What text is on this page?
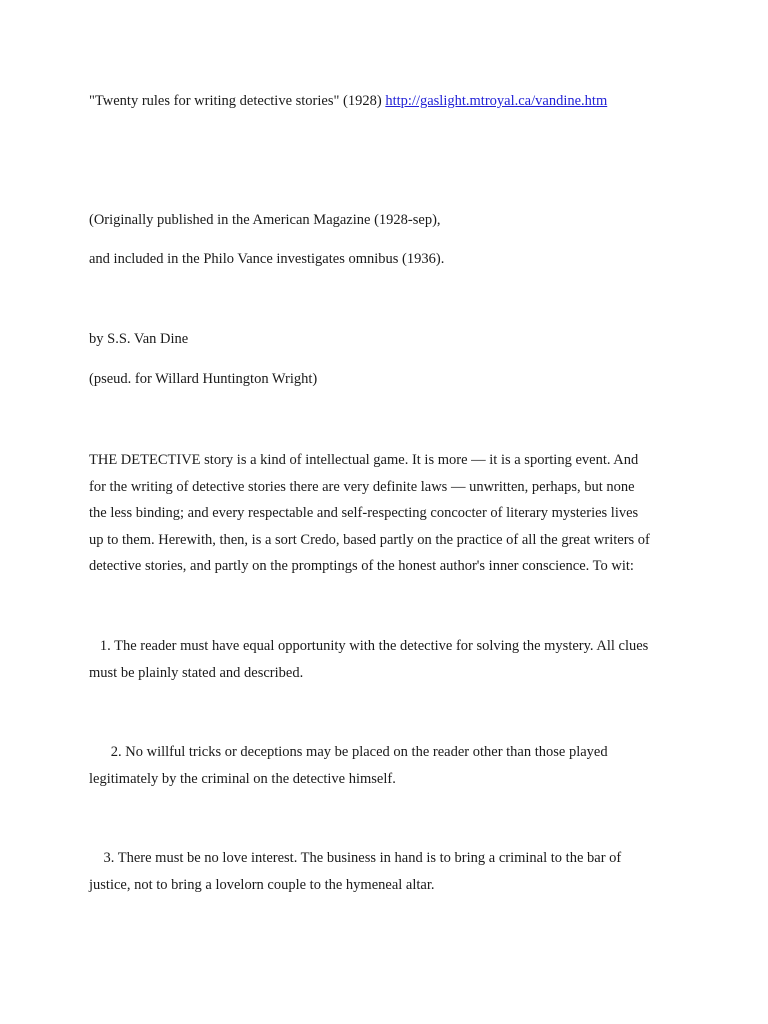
"Twenty rules for writing detective stories" (1928) http://gaslight.mtroyal.ca/vandine.htm
(Originally published in the American Magazine (1928-sep),
and included in the Philo Vance investigates omnibus (1936).
by S.S. Van Dine
(pseud. for Willard Huntington Wright)
THE DETECTIVE story is a kind of intellectual game. It is more — it is a sporting event. And
for the writing of detective stories there are very definite laws — unwritten, perhaps, but none
the less binding; and every respectable and self-respecting concocter of literary mysteries lives
up to them. Herewith, then, is a sort Credo, based partly on the practice of all the great writers of
detective stories, and partly on the promptings of the honest author's inner conscience. To wit:
1. The reader must have equal opportunity with the detective for solving the mystery. All clues
must be plainly stated and described.
2. No willful tricks or deceptions may be placed on the reader other than those played
legitimately by the criminal on the detective himself.
3. There must be no love interest. The business in hand is to bring a criminal to the bar of
justice, not to bring a lovelorn couple to the hymeneal altar.
